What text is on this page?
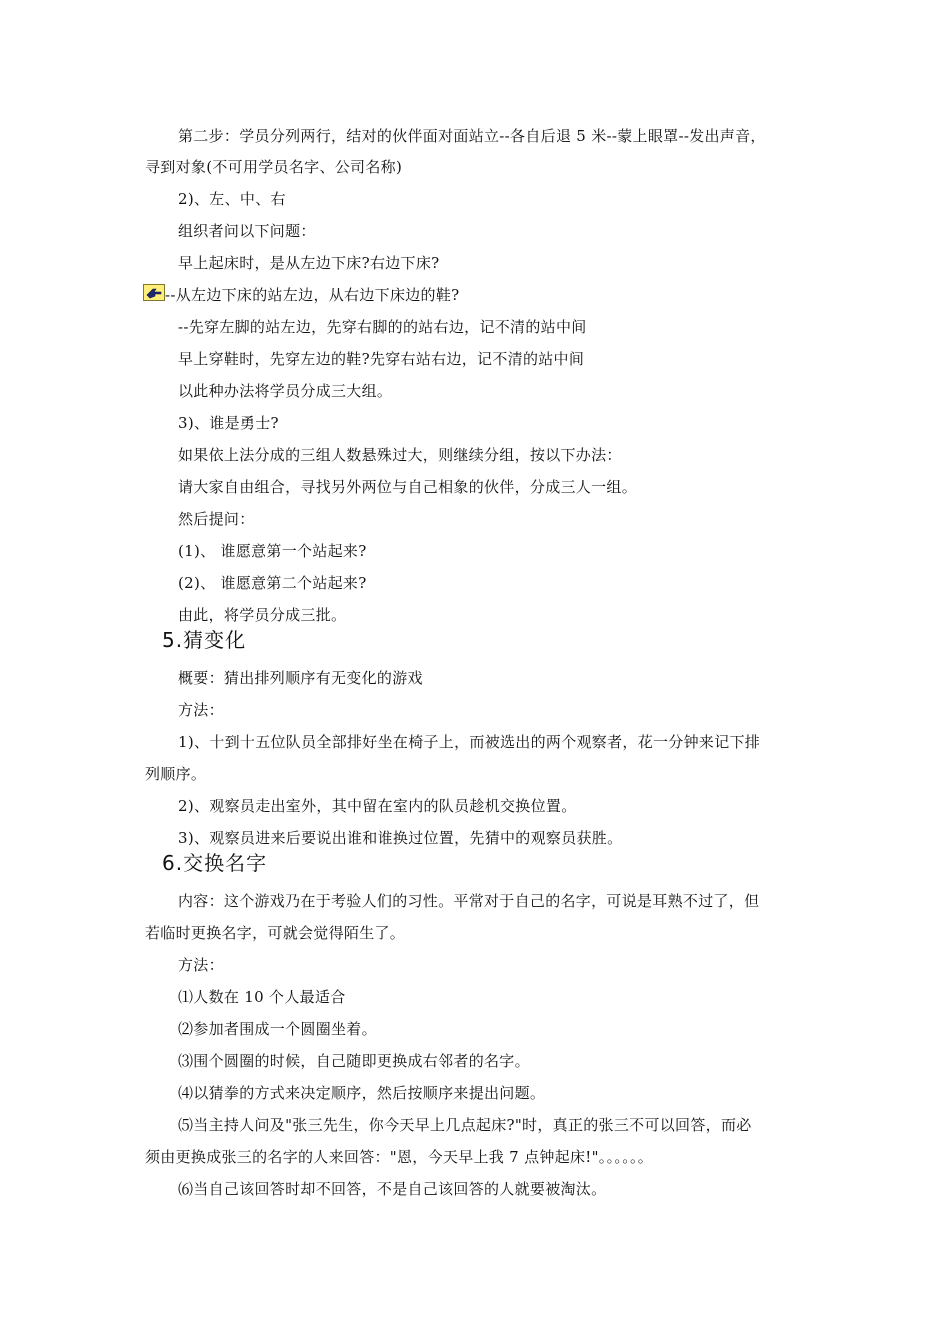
第二步：学员分列两行，结对的伙伴面对面站立--各自后退 5 米--蒙上眼罩--发出声音，
寻到对象(不可用学员名字、公司名称)
2)、左、中、右
组织者问以下问题：
早上起床时，是从左边下床?右边下床?
--从左边下床的站左边，从右边下床边的鞋?
--先穿左脚的站左边，先穿右脚的的站右边，记不清的站中间
早上穿鞋时，先穿左边的鞋?先穿右站右边，记不清的站中间
以此种办法将学员分成三大组。
3)、谁是勇士?
如果依上法分成的三组人数悬殊过大，则继续分组，按以下办法：
请大家自由组合，寻找另外两位与自己相象的伙伴，分成三人一组。
然后提问：
(1)、 谁愿意第一个站起来?
(2)、 谁愿意第二个站起来?
由此，将学员分成三批。
5.猜变化
概要：猜出排列顺序有无变化的游戏
方法：
1)、十到十五位队员全部排好坐在椅子上，而被选出的两个观察者，花一分钟来记下排
列顺序。
2)、观察员走出室外，其中留在室内的队员趁机交换位置。
3)、观察员进来后要说出谁和谁换过位置，先猜中的观察员获胜。
6.交换名字
内容：这个游戏乃在于考验人们的习性。平常对于自己的名字，可说是耳熟不过了，但
若临时更换名字，可就会觉得陌生了。
方法：
⑴人数在 10 个人最适合
⑵参加者围成一个圆圈坐着。
⑶围个圆圈的时候，自己随即更换成右邻者的名字。
⑷以猜拳的方式来决定顺序，然后按顺序来提出问题。
⑸当主持人问及"张三先生，你今天早上几点起床?"时，真正的张三不可以回答，而必
须由更换成张三的名字的人来回答："恩，今天早上我 7 点钟起床!"。。。。。。
⑹当自己该回答时却不回答，不是自己该回答的人就要被淘汰。
